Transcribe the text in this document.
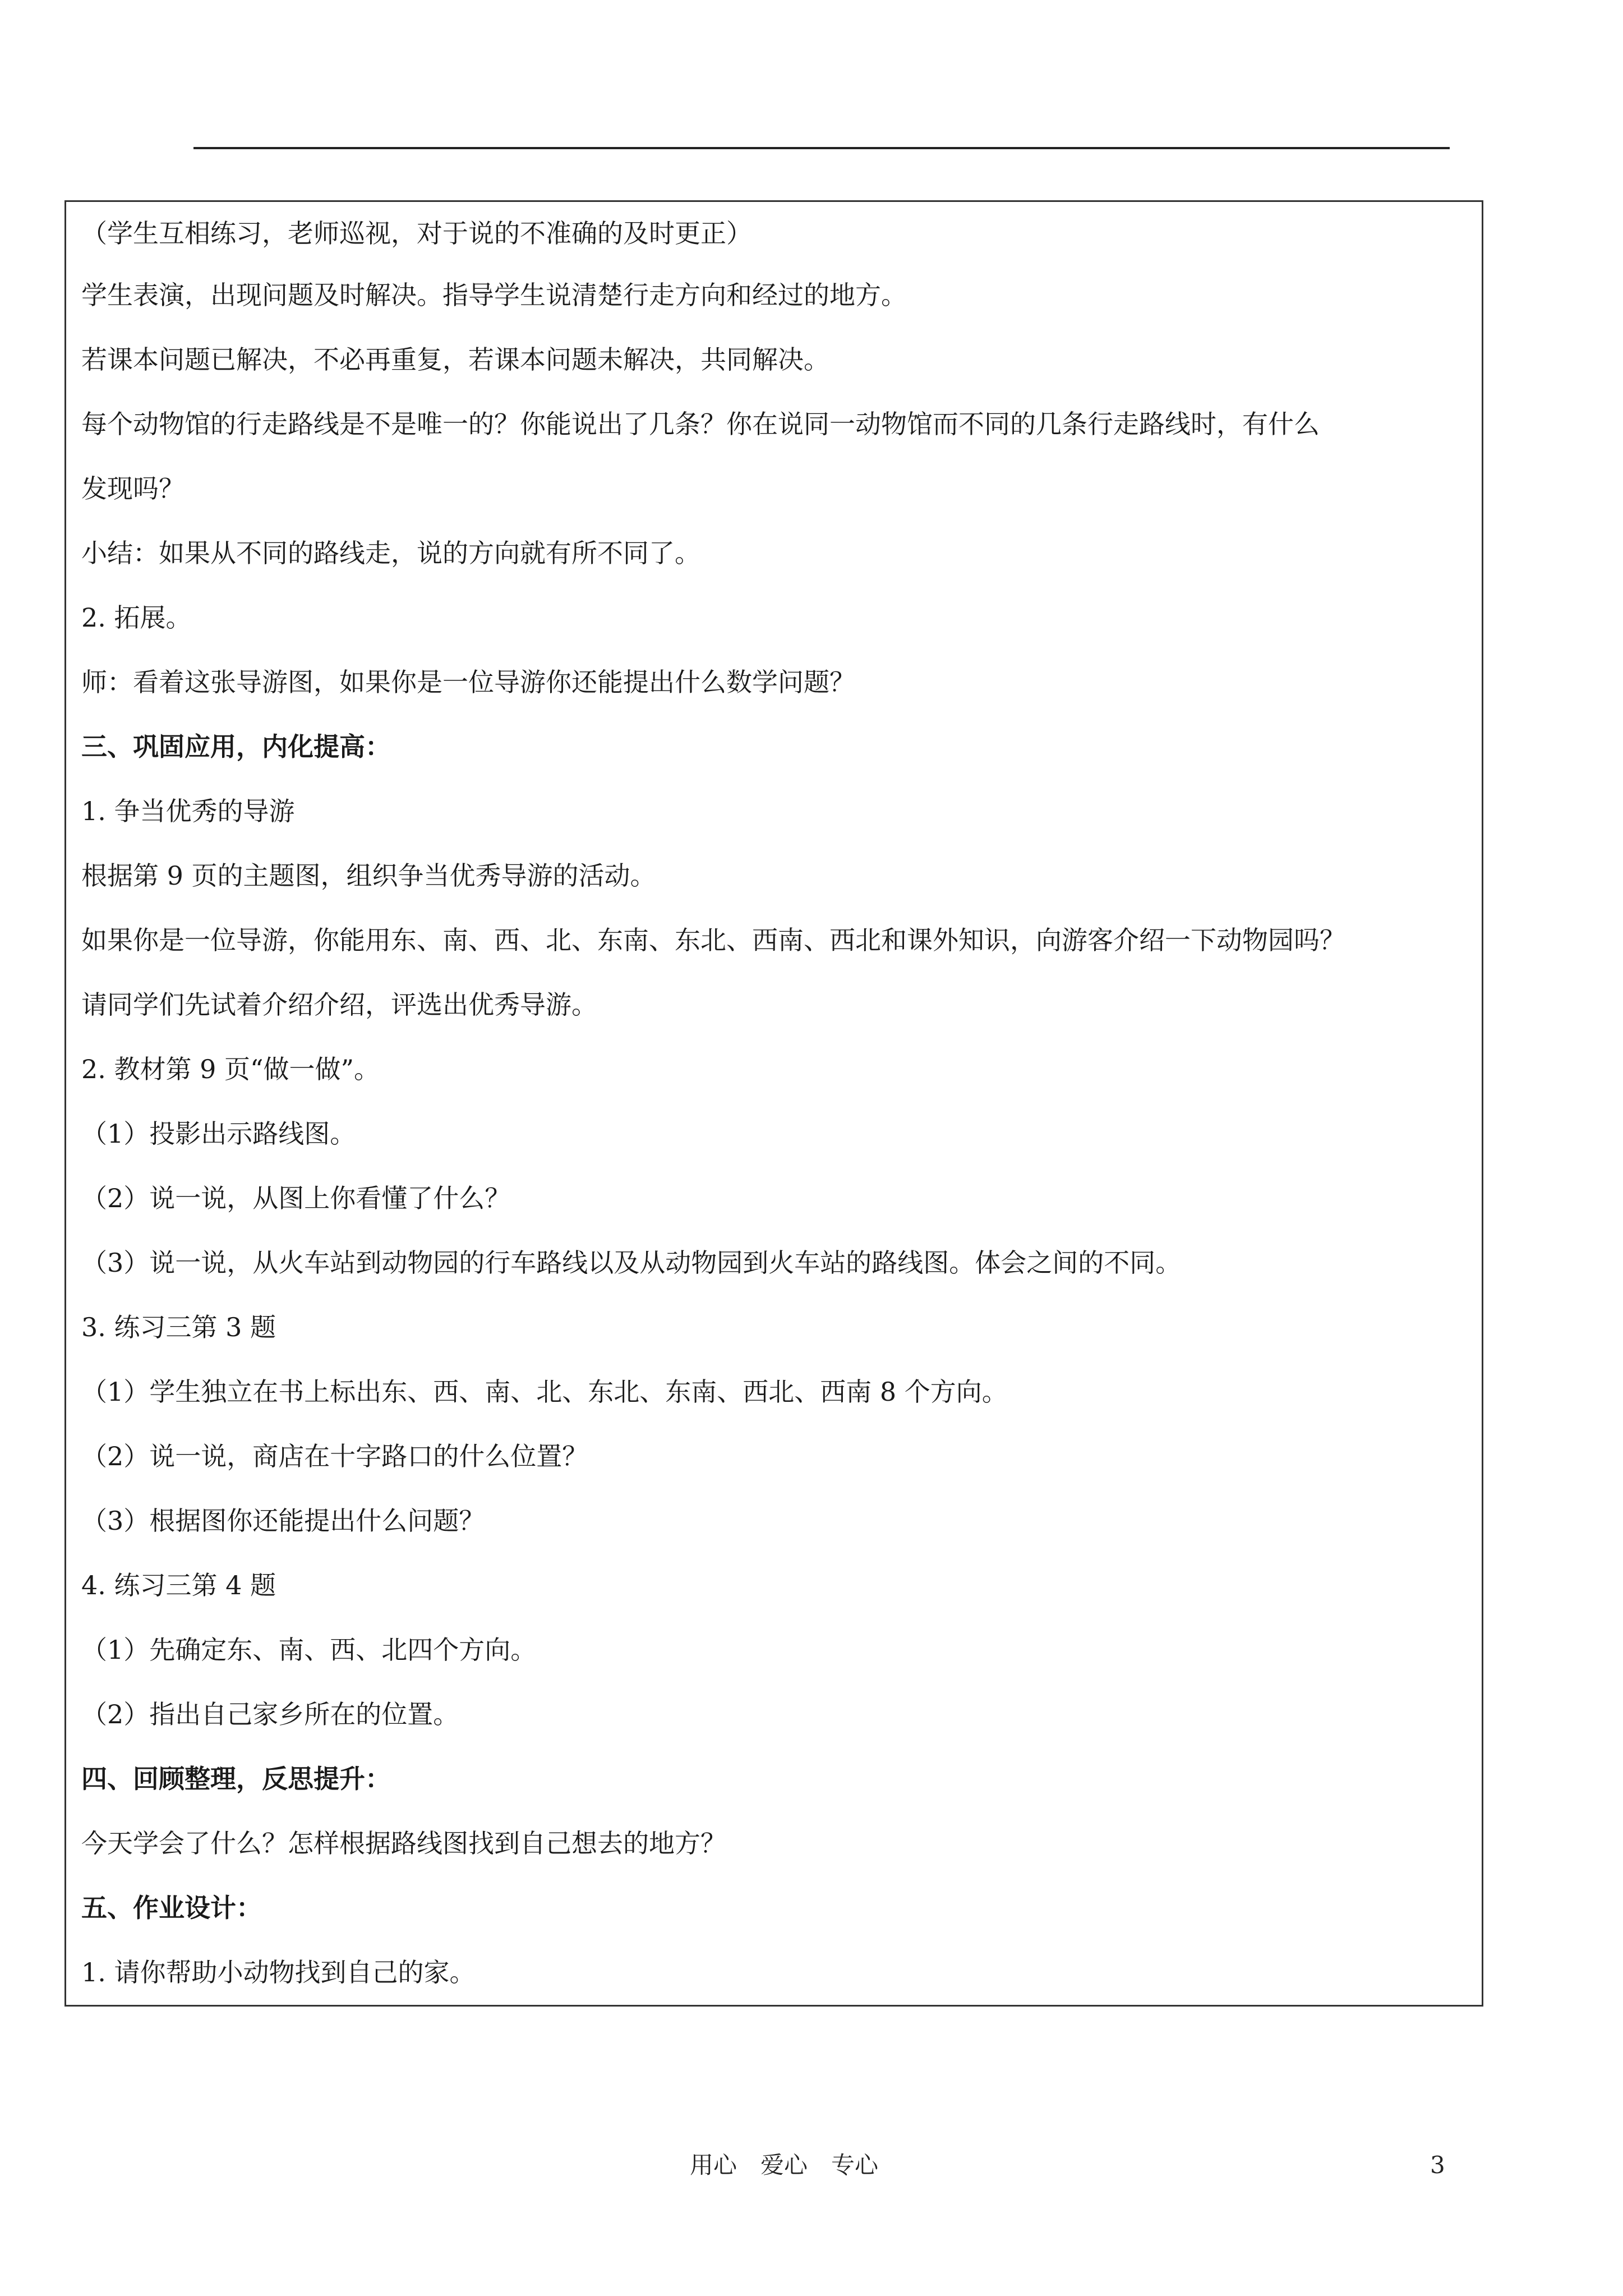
（学生互相练习，老师巡视，对于说的不准确的及时更正）
学生表演，出现问题及时解决。指导学生说清楚行走方向和经过的地方。
若课本问题已解决，不必再重复，若课本问题未解决，共同解决。
每个动物馆的行走路线是不是唯一的？你能说出了几条？你在说同一动物馆而不同的几条行走路线时，有什么
发现吗？
小结：如果从不同的路线走，说的方向就有所不同了。
2. 拓展。
师：看着这张导游图，如果你是一位导游你还能提出什么数学问题？
三、巩固应用，内化提高：
1. 争当优秀的导游
根据第 9 页的主题图，组织争当优秀导游的活动。
如果你是一位导游，你能用东、南、西、北、东南、东北、西南、西北和课外知识，向游客介绍一下动物园吗？
请同学们先试着介绍介绍，评选出优秀导游。
2. 教材第 9 页“做一做”。
（1）投影出示路线图。
（2）说一说，从图上你看懂了什么？
（3）说一说，从火车站到动物园的行车路线以及从动物园到火车站的路线图。体会之间的不同。
3. 练习三第 3 题
（1）学生独立在书上标出东、西、南、北、东北、东南、西北、西南 8 个方向。
（2）说一说，商店在十字路口的什么位置？
（3）根据图你还能提出什么问题？
4. 练习三第 4 题
（1）先确定东、南、西、北四个方向。
（2）指出自己家乡所在的位置。
四、回顾整理，反思提升：
今天学会了什么？怎样根据路线图找到自己想去的地方？
五、作业设计：
1. 请你帮助小动物找到自己的家。
用心　爱心　专心	3
